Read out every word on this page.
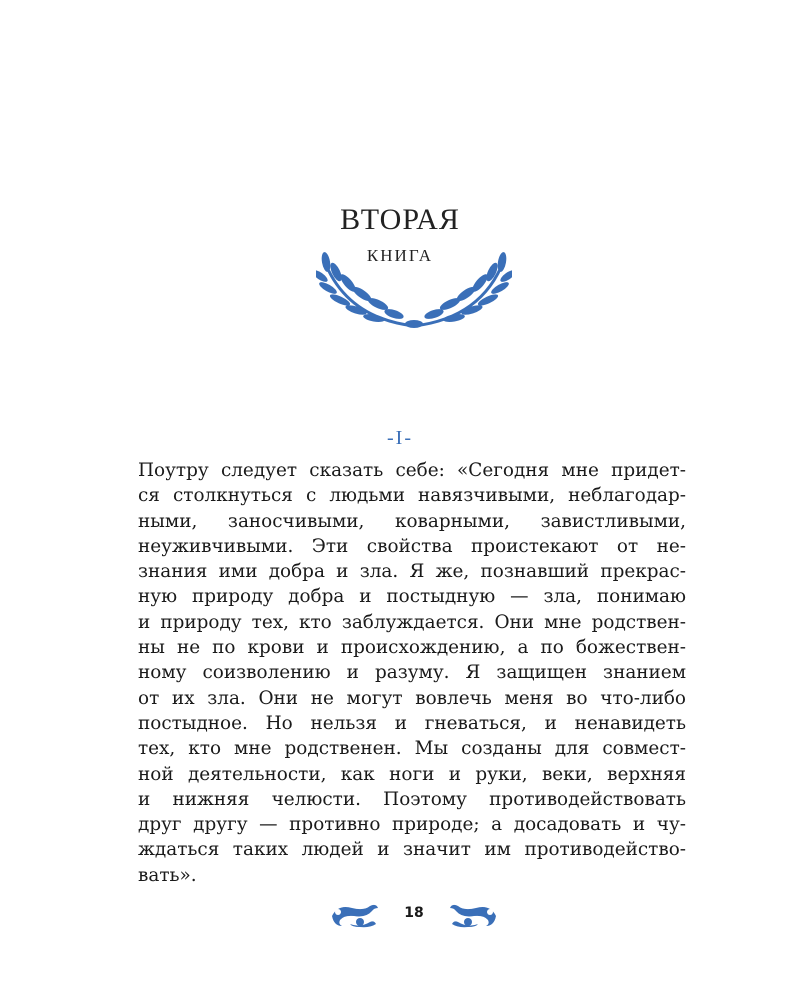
ВТОРАЯ
КНИГА
-I-
Поутру следует сказать себе: «Сегодня мне придет-
ся столкнуться с людьми навязчивыми, неблагодар-
ными, заносчивыми, коварными, завистливыми,
неуживчивыми. Эти свойства проистекают от не-
знания ими добра и зла. Я же, познавший прекрас-
ную природу добра и постыдную — зла, понимаю
и природу тех, кто заблуждается. Они мне родствен-
ны не по крови и происхождению, а по божествен-
ному соизволению и разуму. Я защищен знанием
от их зла. Они не могут вовлечь меня во что-либо
постыдное. Но нельзя и гневаться, и ненавидеть
тех, кто мне родственен. Мы созданы для совмест-
ной деятельности, как ноги и руки, веки, верхняя
и нижняя челюсти. Поэтому противодействовать
друг другу — противно природе; а досадовать и чу-
ждаться таких людей и значит им противодейство-
вать».
18
